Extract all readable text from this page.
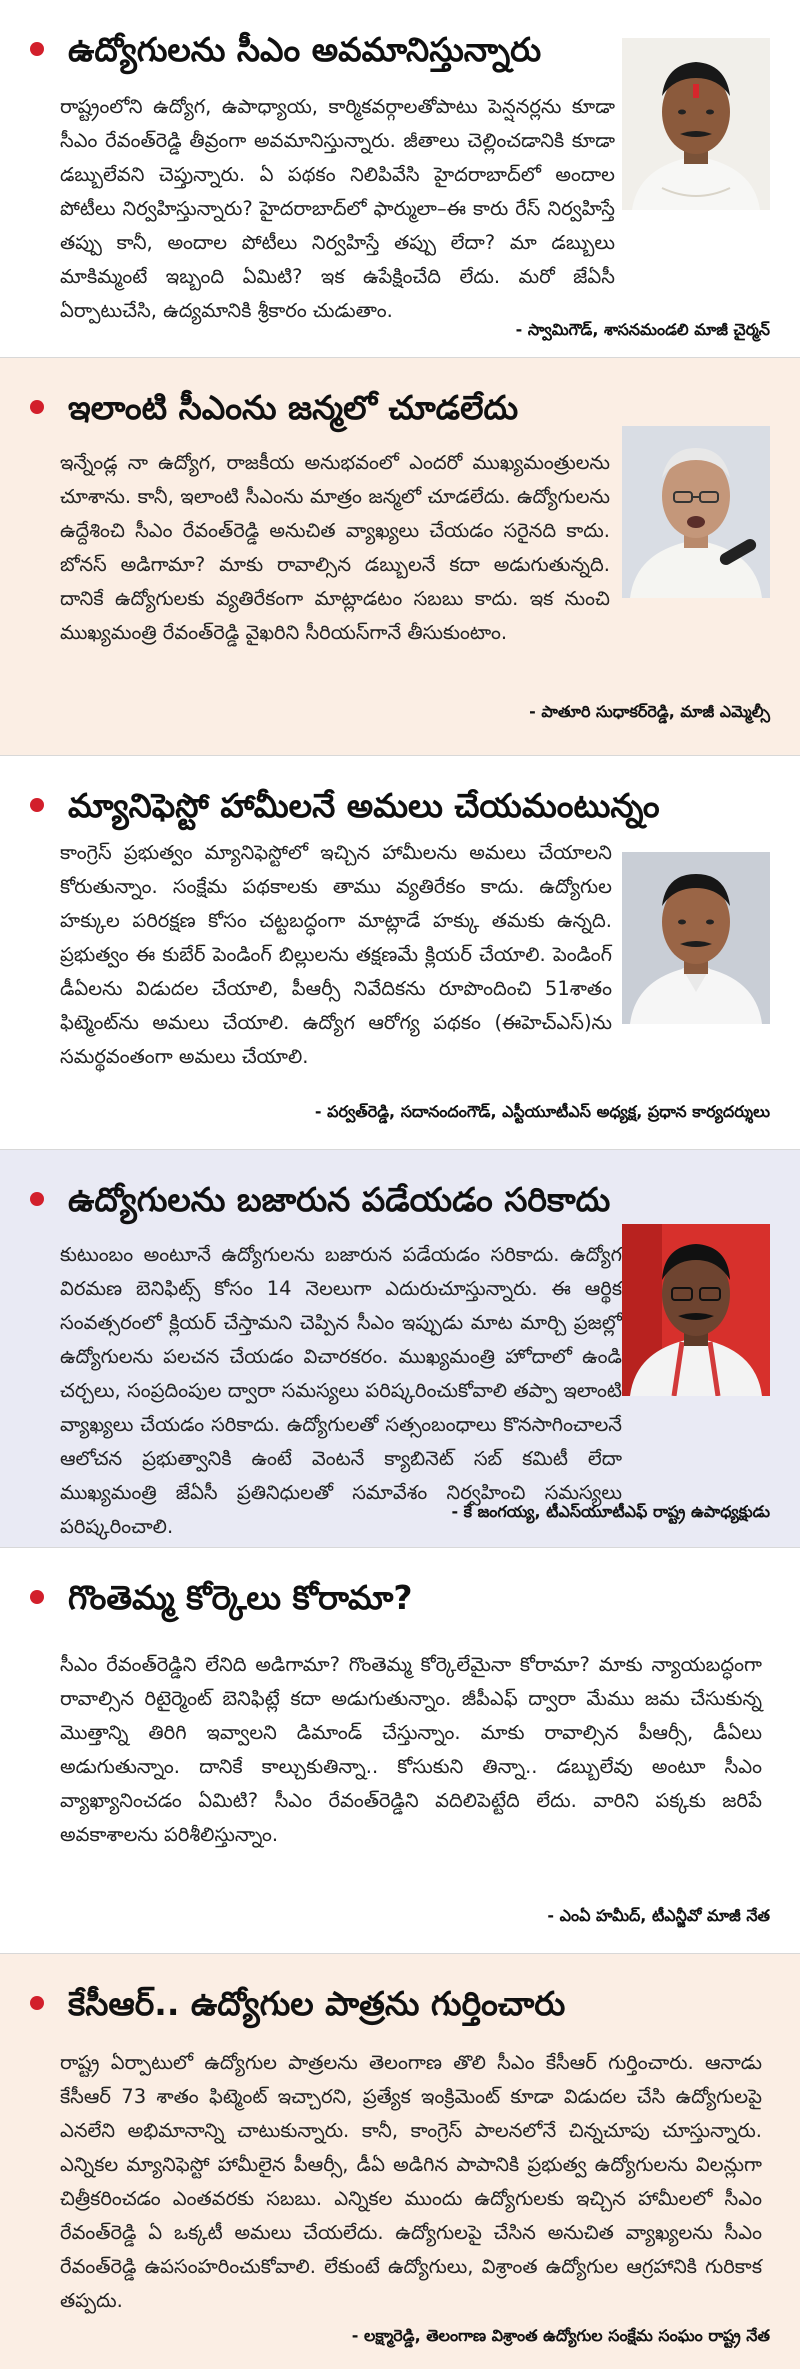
ఉద్యోగులను సీఎం అవమానిస్తున్నారు
రాష్ట్రంలోని ఉద్యోగ, ఉపాధ్యాయ, కార్మికవర్గాలతోపాటు పెన్షనర్లను కూడా సీఎం రేవంత్‌రెడ్డి తీవ్రంగా అవమానిస్తున్నారు. జీతాలు చెల్లించడానికి కూడా డబ్బులేవని చెప్తున్నారు. ఏ పథకం నిలిపివేసి హైదరాబాద్‌లో అందాల పోటీలు నిర్వహిస్తున్నారు? హైదరాబాద్‌లో ఫార్ములా–ఈ కారు రేస్ నిర్వహిస్తే తప్పు కానీ, అందాల పోటీలు నిర్వహిస్తే తప్పు లేదా? మా డబ్బులు మాకిమ్మంటే ఇబ్బంది ఏమిటి? ఇక ఉపేక్షించేది లేదు. మరో జేఏసీ ఏర్పాటుచేసి, ఉద్యమానికి శ్రీకారం చుడుతాం.
- స్వామిగౌడ్, శాసనమండలి మాజీ చైర్మన్
ఇలాంటి సీఎంను జన్మలో చూడలేదు
ఇన్నేండ్ల నా ఉద్యోగ, రాజకీయ అనుభవంలో ఎందరో ముఖ్యమంత్రులను చూశాను. కానీ, ఇలాంటి సీఎంను మాత్రం జన్మలో చూడలేదు. ఉద్యోగులను ఉద్దేశించి సీఎం రేవంత్‌రెడ్డి అనుచిత వ్యాఖ్యలు చేయడం సరైనది కాదు. బోనస్ అడిగామా? మాకు రావాల్సిన డబ్బులనే కదా అడుగుతున్నది. దానికే ఉద్యోగులకు వ్యతిరేకంగా మాట్లాడటం సబబు కాదు. ఇక నుంచి ముఖ్యమంత్రి రేవంత్‌రెడ్డి వైఖరిని సీరియస్‌గానే తీసుకుంటాం.
- పాతూరి సుధాకర్‌రెడ్డి, మాజీ ఎమ్మెల్సీ
మ్యానిఫెస్టో హామీలనే అమలు చేయమంటున్నం
కాంగ్రెస్ ప్రభుత్వం మ్యానిఫెస్టోలో ఇచ్చిన హామీలను అమలు చేయాలని కోరుతున్నాం. సంక్షేమ పథకాలకు తాము వ్యతిరేకం కాదు. ఉద్యోగుల హక్కుల పరిరక్షణ కోసం చట్టబద్ధంగా మాట్లాడే హక్కు తమకు ఉన్నది. ప్రభుత్వం ఈ కుబేర్ పెండింగ్ బిల్లులను తక్షణమే క్లియర్ చేయాలి. పెండింగ్ డీఏలను విడుదల చేయాలి, పీఆర్సీ నివేదికను రూపొందించి 51శాతం ఫిట్మెంట్‌ను అమలు చేయాలి. ఉద్యోగ ఆరోగ్య పథకం (ఈహెచ్‌ఎస్)ను సమర్థవంతంగా అమలు చేయాలి.
- పర్వత్‌రెడ్డి, సదానందంగౌడ్, ఎస్టీయూటీఎస్ అధ్యక్ష, ప్రధాన కార్యదర్శులు
ఉద్యోగులను బజారున పడేయడం సరికాదు
కుటుంబం అంటూనే ఉద్యోగులను బజారున పడేయడం సరికాదు. ఉద్యోగ విరమణ బెనిఫిట్స్ కోసం 14 నెలలుగా ఎదురుచూస్తున్నారు. ఈ ఆర్థిక సంవత్సరంలో క్లియర్ చేస్తామని చెప్పిన సీఎం ఇప్పుడు మాట మార్చి ప్రజల్లో ఉద్యోగులను పలచన చేయడం విచారకరం. ముఖ్యమంత్రి హోదాలో ఉండి చర్చలు, సంప్రదింపుల ద్వారా సమస్యలు పరిష్కరించుకోవాలి తప్పా ఇలాంటి వ్యాఖ్యలు చేయడం సరికాదు. ఉద్యోగులతో సత్సంబంధాలు కొనసాగించాలనే ఆలోచన ప్రభుత్వానికి ఉంటే వెంటనే క్యాబినెట్ సబ్ కమిటీ లేదా ముఖ్యమంత్రి జేఏసీ ప్రతినిధులతో సమావేశం నిర్వహించి సమస్యలు పరిష్కరించాలి.
- కే జంగయ్య, టీఎస్‌యూటీఎఫ్ రాష్ట్ర ఉపాధ్యక్షుడు
గొంతెమ్మ కోర్కెలు కోరామా?
సీఎం రేవంత్‌రెడ్డిని లేనిది అడిగామా? గొంతెమ్మ కోర్కెలేమైనా కోరామా? మాకు న్యాయబద్ధంగా రావాల్సిన రిటైర్మెంట్ బెనిఫిట్లే కదా అడుగుతున్నాం. జీపీఎఫ్ ద్వారా మేము జమ చేసుకున్న మొత్తాన్ని తిరిగి ఇవ్వాలని డిమాండ్ చేస్తున్నాం. మాకు రావాల్సిన పీఆర్సీ, డీఏలు అడుగుతున్నాం. దానికే కాల్చుకుతిన్నా.. కోసుకుని తిన్నా.. డబ్బులేవు అంటూ సీఎం వ్యాఖ్యానించడం ఏమిటి? సీఎం రేవంత్‌రెడ్డిని వదిలిపెట్టేది లేదు. వారిని పక్కకు జరిపే అవకాశాలను పరిశీలిస్తున్నాం.
- ఎంఏ హమీద్, టీఎన్జీవో మాజీ నేత
కేసీఆర్.. ఉద్యోగుల పాత్రను గుర్తించారు
రాష్ట్ర ఏర్పాటులో ఉద్యోగుల పాత్రలను తెలంగాణ తొలి సీఎం కేసీఆర్ గుర్తించారు. ఆనాడు కేసీఆర్ 73 శాతం ఫిట్మెంట్ ఇచ్చారని, ప్రత్యేక ఇంక్రిమెంట్ కూడా విడుదల చేసి ఉద్యోగులపై ఎనలేని అభిమానాన్ని చాటుకున్నారు. కానీ, కాంగ్రెస్ పాలనలోనే చిన్నచూపు చూస్తున్నారు. ఎన్నికల మ్యానిఫెస్టో హామీలైన పీఆర్సీ, డీఏ అడిగిన పాపానికి ప్రభుత్వ ఉద్యోగులను విలన్లుగా చిత్రీకరించడం ఎంతవరకు సబబు. ఎన్నికల ముందు ఉద్యోగులకు ఇచ్చిన హామీలలో సీఎం రేవంత్‌రెడ్డి ఏ ఒక్కటీ అమలు చేయలేదు. ఉద్యోగులపై చేసిన అనుచిత వ్యాఖ్యలను సీఎం రేవంత్‌రెడ్డి ఉపసంహరించుకోవాలి. లేకుంటే ఉద్యోగులు, విశ్రాంత ఉద్యోగుల ఆగ్రహానికి గురికాక తప్పదు.
- లక్ష్మారెడ్డి, తెలంగాణ విశ్రాంత ఉద్యోగుల సంక్షేమ సంఘం రాష్ట్ర నేత
